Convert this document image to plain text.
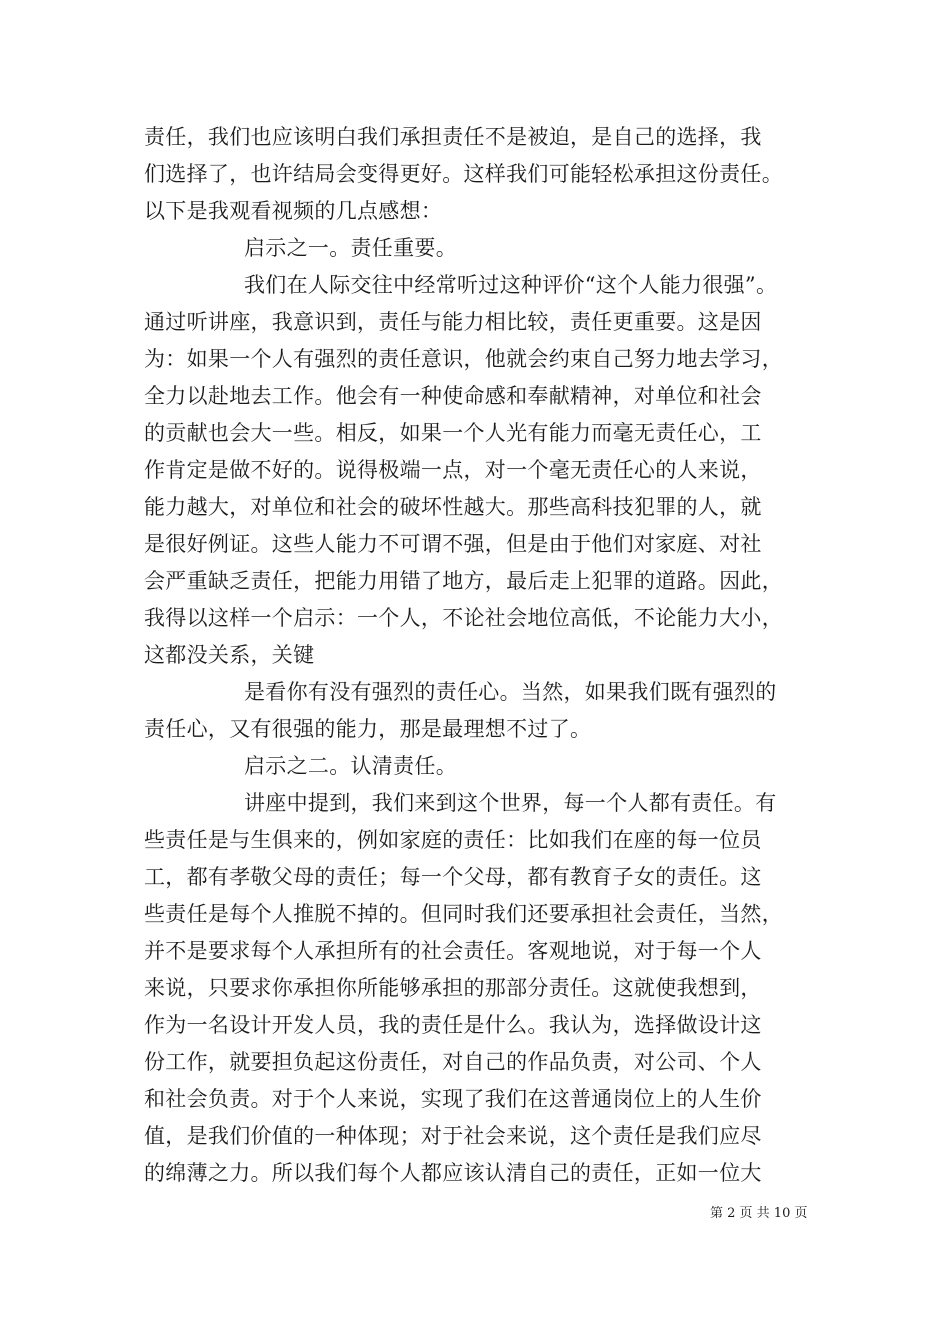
责任，我们也应该明白我们承担责任不是被迫，是自己的选择，我
们选择了，也许结局会变得更好。这样我们可能轻松承担这份责任。
以下是我观看视频的几点感想：
启示之一。责任重要。
我们在人际交往中经常听过这种评价“这个人能力很强”。
通过听讲座，我意识到，责任与能力相比较，责任更重要。这是因
为：如果一个人有强烈的责任意识，他就会约束自己努力地去学习，
全力以赴地去工作。他会有一种使命感和奉献精神，对单位和社会
的贡献也会大一些。相反，如果一个人光有能力而毫无责任心，工
作肯定是做不好的。说得极端一点，对一个毫无责任心的人来说，
能力越大，对单位和社会的破坏性越大。那些高科技犯罪的人，就
是很好例证。这些人能力不可谓不强，但是由于他们对家庭、对社
会严重缺乏责任，把能力用错了地方，最后走上犯罪的道路。因此，
我得以这样一个启示：一个人，不论社会地位高低，不论能力大小，
这都没关系，关键
是看你有没有强烈的责任心。当然，如果我们既有强烈的
责任心，又有很强的能力，那是最理想不过了。
启示之二。认清责任。
讲座中提到，我们来到这个世界，每一个人都有责任。有
些责任是与生俱来的，例如家庭的责任：比如我们在座的每一位员
工，都有孝敬父母的责任；每一个父母，都有教育子女的责任。这
些责任是每个人推脱不掉的。但同时我们还要承担社会责任，当然，
并不是要求每个人承担所有的社会责任。客观地说，对于每一个人
来说，只要求你承担你所能够承担的那部分责任。这就使我想到，
作为一名设计开发人员，我的责任是什么。我认为，选择做设计这
份工作，就要担负起这份责任，对自己的作品负责，对公司、个人
和社会负责。对于个人来说，实现了我们在这普通岗位上的人生价
值，是我们价值的一种体现；对于社会来说，这个责任是我们应尽
的绵薄之力。所以我们每个人都应该认清自己的责任，正如一位大
第 2 页 共 10 页
